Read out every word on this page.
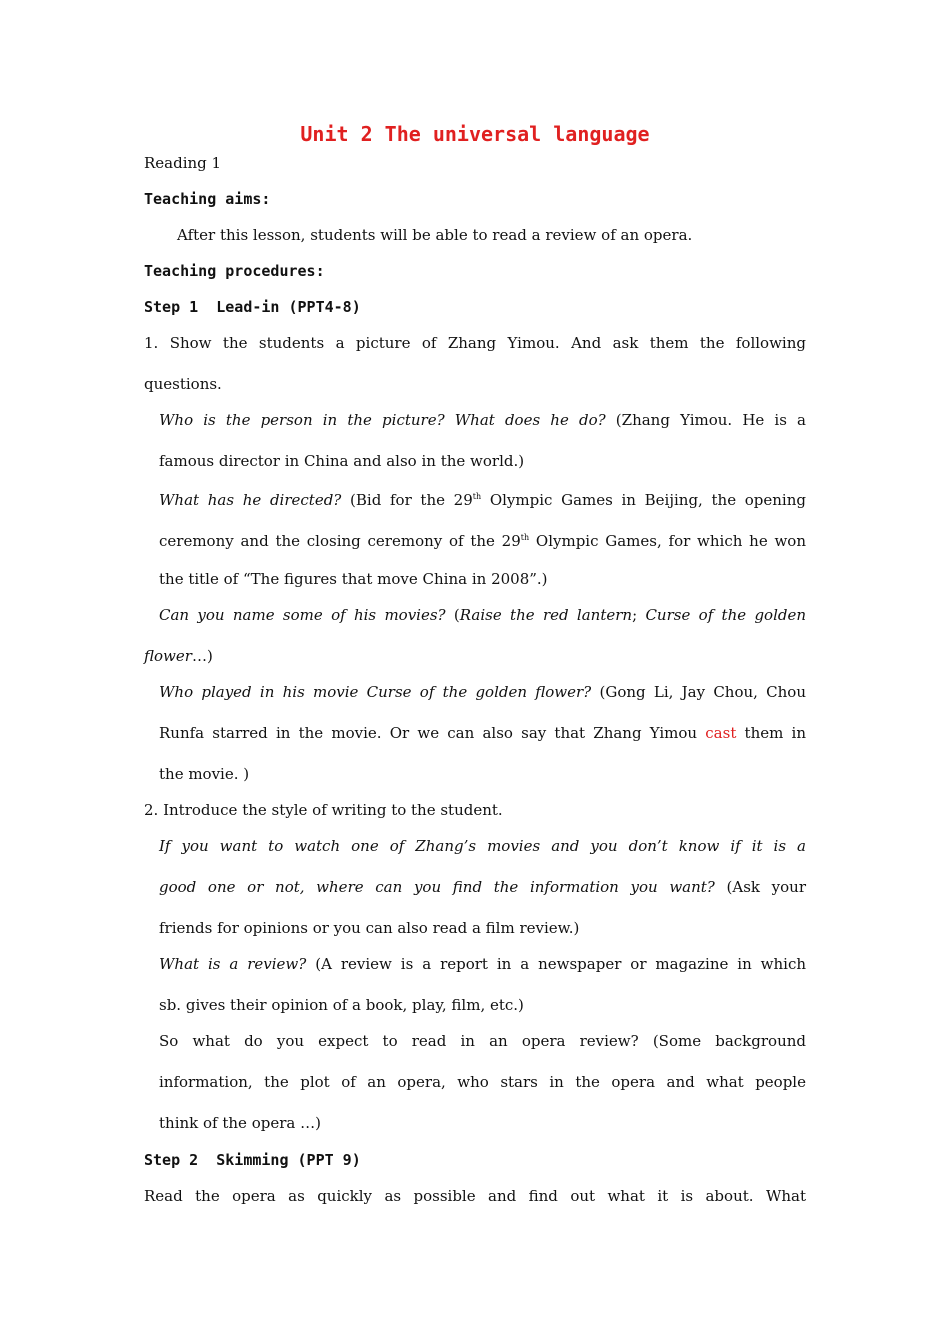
Unit 2 The universal language
Reading 1
Teaching aims:
After this lesson, students will be able to read a review of an opera.
Teaching procedures:
Step 1  Lead-in (PPT4-8)
1. Show the students a picture of Zhang Yimou. And ask them the following
questions.
Who is the person in the picture? What does he do? (Zhang Yimou. He is a
famous director in China and also in the world.)
What has he directed? (Bid for the 29th Olympic Games in Beijing, the opening
ceremony and the closing ceremony of the 29th Olympic Games, for which he won
the title of “The figures that move China in 2008”.)
Can you name some of his movies? (Raise the red lantern; Curse of the golden
flower…)
Who played in his movie Curse of the golden flower? (Gong Li, Jay Chou, Chou
Runfa starred in the movie. Or we can also say that Zhang Yimou cast them in
the movie. )
2. Introduce the style of writing to the student.
If you want to watch one of Zhang’s movies and you don’t know if it is a
good one or not, where can you find the information you want? (Ask your
friends for opinions or you can also read a film review.)
What is a review? (A review is a report in a newspaper or magazine in which
sb. gives their opinion of a book, play, film, etc.)
So what do you expect to read in an opera review? (Some background
information, the plot of an opera, who stars in the opera and what people
think of the opera …)
Step 2  Skimming (PPT 9)
Read the opera as quickly as possible and find out what it is about. What
